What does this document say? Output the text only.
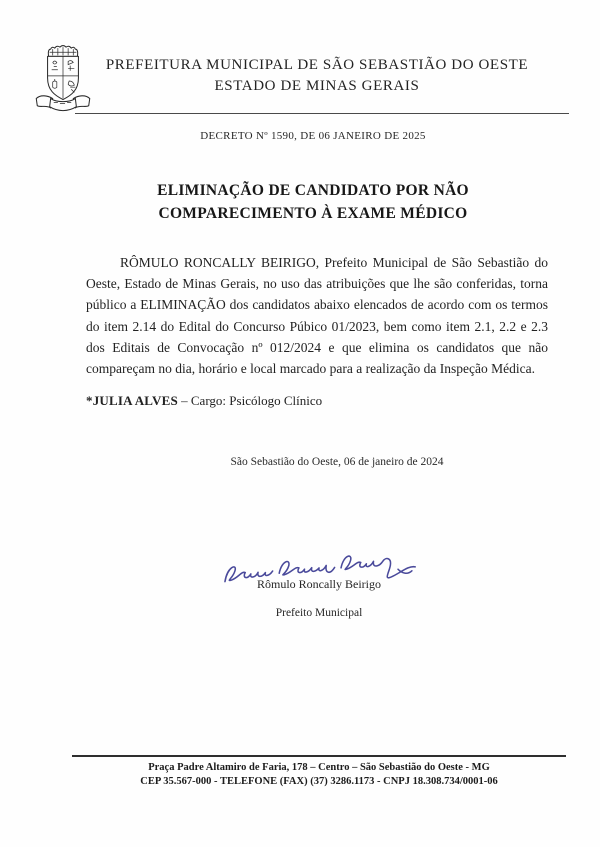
PREFEITURA MUNICIPAL DE SÃO SEBASTIÃO DO OESTE
ESTADO DE MINAS GERAIS
DECRETO Nº 1590, DE 06 JANEIRO DE 2025
ELIMINAÇÃO DE CANDIDATO POR NÃO
COMPARECIMENTO À EXAME MÉDICO
RÔMULO RONCALLY BEIRIGO, Prefeito Municipal de São Sebastião do Oeste, Estado de Minas Gerais, no uso das atribuições que lhe são conferidas, torna público a ELIMINAÇÃO dos candidatos abaixo elencados de acordo com os termos do item 2.14 do Edital do Concurso Púbico 01/2023, bem como item 2.1, 2.2 e 2.3 dos Editais de Convocação nº 012/2024 e que elimina os candidatos que não compareçam no dia, horário e local marcado para a realização da Inspeção Médica.
*JULIA ALVES – Cargo: Psicólogo Clínico
São Sebastião do Oeste, 06 de janeiro de 2024
Rômulo Roncally Beirigo
Prefeito Municipal
Praça Padre Altamiro de Faria, 178 – Centro – São Sebastião do Oeste - MG
CEP 35.567-000 - TELEFONE (FAX) (37) 3286.1173 - CNPJ 18.308.734/0001-06
